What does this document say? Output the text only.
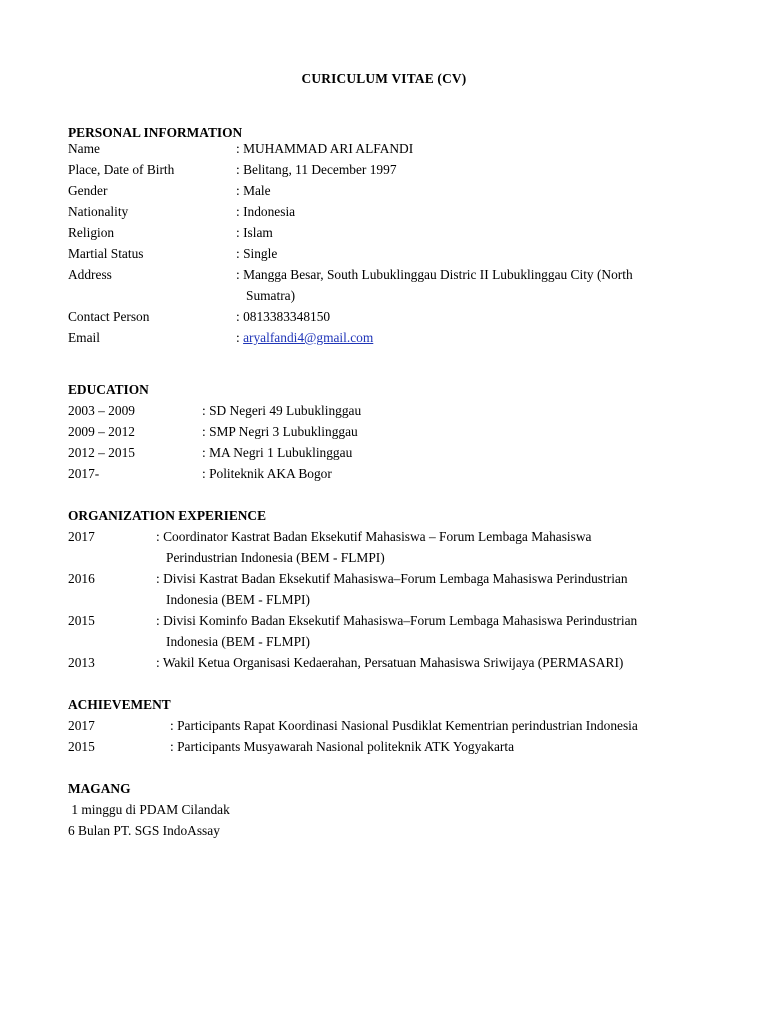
CURICULUM VITAE (CV)
PERSONAL INFORMATION
Name	: MUHAMMAD ARI ALFANDI
Place, Date of Birth	: Belitang, 11 December 1997
Gender	: Male
Nationality	: Indonesia
Religion	: Islam
Martial Status	: Single
Address	: Mangga Besar, South Lubuklinggau Distric II Lubuklinggau City (North
Sumatra)
Contact Person	: 0813383348150
Email	: aryalfandi4@gmail.com
EDUCATION
2003 – 2009	: SD Negeri 49 Lubuklinggau
2009 – 2012	: SMP Negri 3 Lubuklinggau
2012 – 2015	: MA Negri 1 Lubuklinggau
2017-	: Politeknik AKA Bogor
ORGANIZATION EXPERIENCE
2017	: Coordinator Kastrat Badan Eksekutif Mahasiswa – Forum Lembaga Mahasiswa
Perindustrian Indonesia (BEM - FLMPI)
2016	: Divisi Kastrat Badan Eksekutif Mahasiswa–Forum Lembaga Mahasiswa Perindustrian
Indonesia (BEM - FLMPI)
2015	: Divisi Kominfo Badan Eksekutif Mahasiswa–Forum Lembaga Mahasiswa Perindustrian
Indonesia (BEM - FLMPI)
2013	: Wakil Ketua Organisasi Kedaerahan, Persatuan Mahasiswa Sriwijaya (PERMASARI)
ACHIEVEMENT
2017	: Participants Rapat Koordinasi Nasional Pusdiklat Kementrian perindustrian Indonesia
2015	: Participants Musyawarah Nasional politeknik ATK Yogyakarta
MAGANG
1 minggu di PDAM Cilandak
6 Bulan PT. SGS IndoAssay
